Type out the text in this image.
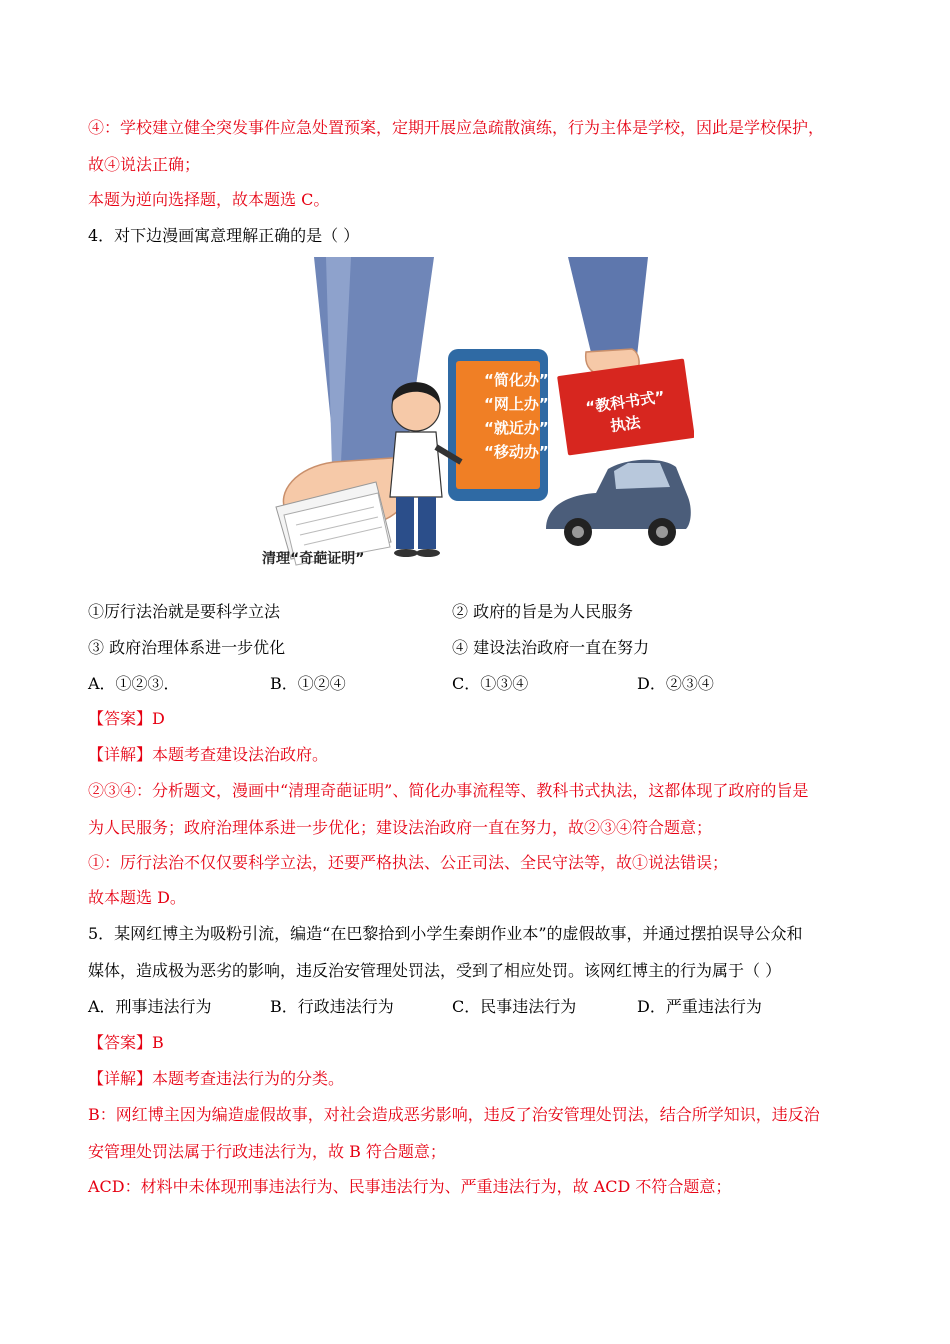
④：学校建立健全突发事件应急处置预案，定期开展应急疏散演练，行为主体是学校，因此是学校保护，
故④说法正确；
本题为逆向选择题，故本题选 C。
4．对下边漫画寓意理解正确的是（ ）
“简化办”
“网上办”
“就近办”
“移动办”
“教科书式”
执法
清理“奇葩证明”
①厉行法治就是要科学立法	② 政府的旨是为人民服务
③ 政府治理体系进一步优化	④ 建设法治政府一直在努力
A．①②③．	B．①②④	C．①③④	D．②③④
【答案】D
【详解】本题考查建设法治政府。
②③④：分析题文，漫画中“清理奇葩证明”、简化办事流程等、教科书式执法，这都体现了政府的旨是
为人民服务；政府治理体系进一步优化；建设法治政府一直在努力，故②③④符合题意；
①：厉行法治不仅仅要科学立法，还要严格执法、公正司法、全民守法等，故①说法错误；
故本题选 D。
5．某网红博主为吸粉引流，编造“在巴黎拾到小学生秦朗作业本”的虚假故事，并通过摆拍误导公众和
媒体，造成极为恶劣的影响，违反治安管理处罚法，受到了相应处罚。该网红博主的行为属于（ ）
A．刑事违法行为	B．行政违法行为	C．民事违法行为	D．严重违法行为
【答案】B
【详解】本题考查违法行为的分类。
B：网红博主因为编造虚假故事，对社会造成恶劣影响，违反了治安管理处罚法，结合所学知识，违反治
安管理处罚法属于行政违法行为，故 B 符合题意；
ACD：材料中未体现刑事违法行为、民事违法行为、严重违法行为，故 ACD 不符合题意；
